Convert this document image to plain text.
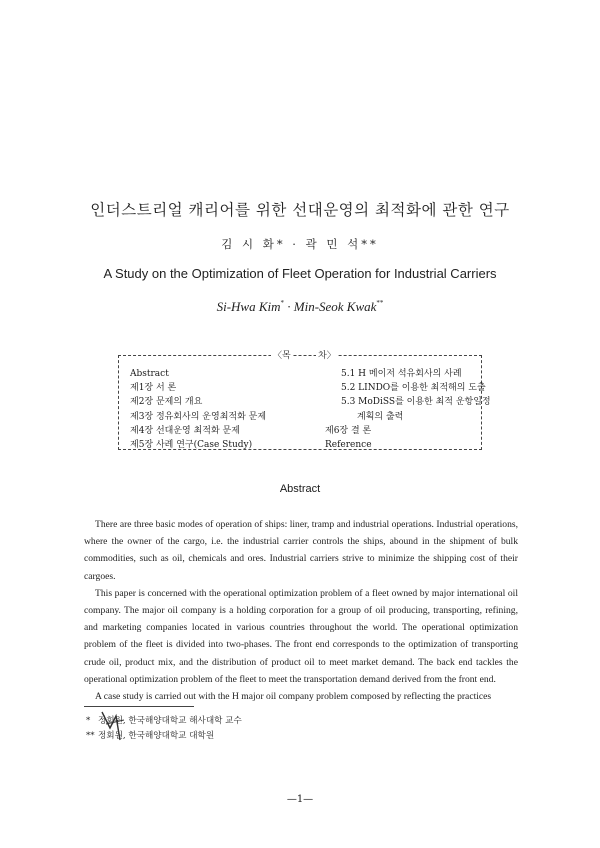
인더스트리얼 캐리어를 위한 선대운영의 최적화에 관한 연구
김 시 화* · 곽 민 석**
A Study on the Optimization of Fleet Operation for Industrial Carriers
Si-Hwa Kim* · Min-Seok Kwak**
〈목	차〉
Abstract
제1장 서 론
제2장 문제의 개요
제3장 정유회사의 운영최적화 문제
제4장 선대운영 최적화 문제
제5장 사례 연구(Case Study)
5.1 H 메이저 석유회사의 사례
5.2 LINDO를 이용한 최적해의 도출
5.3 MoDiSS를 이용한 최적 운항일정
계획의 출력
제6장 결 론
Reference
Abstract

There are three basic modes of operation of ships: liner, tramp and industrial operations. Industrial operations, where the owner of the cargo, i.e. the industrial carrier controls the ships, abound in the shipment of bulk commodities, such as oil, chemicals and ores. Industrial carriers strive to minimize the shipping cost of their cargoes.

This paper is concerned with the operational optimization problem of a fleet owned by major international oil company. The major oil company is a holding corporation for a group of oil producing, transporting, refining, and marketing companies located in various countries throughout the world. The operational optimization problem of the fleet is divided into two-phases. The front end corresponds to the optimization of transporting crude oil, product mix, and the distribution of product oil to meet market demand. The back end tackles the operational optimization problem of the fleet to meet the transportation demand derived from the front end.

A case study is carried out with the H major oil company problem composed by reflecting the practices

* 정회원, 한국해양대학교 해사대학 교수
** 정회원, 한국해양대학교 대학원
—1—
